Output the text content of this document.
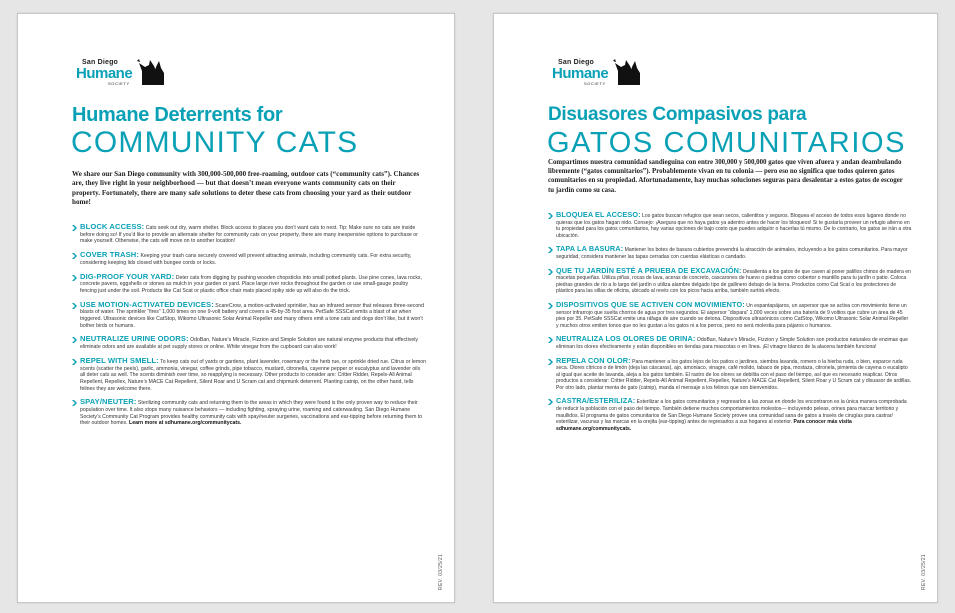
San Diego
Humane
SOCIETY
Humane Deterrents for
COMMUNITY CATS
We share our San Diego community with 300,000-500,000 free-roaming, outdoor cats (“community cats”). Chances are, they live right in your neighborhood — but that doesn’t mean everyone wants community cats on their property. Fortunately, there are many safe solutions to deter these cats from choosing your yard as their outdoor home!
BLOCK ACCESS: Cats seek out dry, warm shelter. Block access to places you don’t want cats to nest. Tip: Make sure no cats are inside before doing so! If you’d like to provide an alternate shelter for community cats on your property, there are many inexpensive options to purchase or make yourself. Otherwise, the cats will move on to another location!
COVER TRASH: Keeping your trash cans securely covered will prevent attracting animals, including community cats. For extra security, considering keeping lids closed with bungee cords or locks.
DIG-PROOF YOUR YARD: Deter cats from digging by pushing wooden chopsticks into small potted plants. Use pine cones, lava rocks, concrete pavers, eggshells or stones as mulch in your garden or yard. Place large river rocks throughout the garden or use small-gauge poultry fencing just under the soil. Products like Cat Scat or plastic office chair mats placed spiky side up will also do the trick.
USE MOTION-ACTIVATED DEVICES: ScareCrow, a motion-activated sprinkler, has an infrared sensor that releases three-second blasts of water. The sprinkler “fires” 1,000 times on one 9-volt battery and covers a 45-by-35 foot area. PetSafe SSSCat emits a blast of air when triggered. Ultrasonic devices like CatStop, Wikomo Ultrasonic Solar Animal Repeller and many others emit a tone cats and dogs don’t like, but it won’t bother birds or humans.
NEUTRALIZE URINE ODORS: OdoBan, Nature’s Miracle, Fizzion and Simple Solution are natural enzyme products that effectively eliminate odors and are available at pet supply stores or online. White vinegar from the cupboard can also work!
REPEL WITH SMELL: To keep cats out of yards or gardens, plant lavender, rosemary or the herb rue, or sprinkle dried rue. Citrus or lemon scents (scatter the peels), garlic, ammonia, vinegar, coffee grinds, pipe tobacco, mustard, citronella, cayenne pepper or eucalyptus and lavender oils all deter cats as well. The scents diminish over time, so reapplying is necessary. Other products to consider are: Critter Ridder, Repels-All Animal Repellent, Repellex, Nature’s MACE Cat Repellent, Silent Roar and U Scram cat and chipmunk deterrent. Planting catnip, on the other hand, tells felines they are welcome there.
SPAY/NEUTER: Sterilizing community cats and returning them to the areas in which they were found is the only proven way to reduce their population over time. It also stops many nuisance behaviors — including fighting, spraying urine, roaming and caterwauling. San Diego Humane Society’s Community Cat Program provides healthy community cats with spay/neuter surgeries, vaccinations and ear-tipping before returning them to their outdoor homes. Learn more at sdhumane.org/communitycats.
REV. 03/25/21
San Diego
Humane
SOCIETY
Disuasores Compasivos para
GATOS COMUNITARIOS
Compartimos nuestra comunidad sandieguina con entre 300,000 y 500,000 gatos que viven afuera y andan deambulando libremente (“gatos comunitarios”). Probablemente vivan en tu colonia — pero eso no significa que todos quieren gatos comunitarios en su propiedad. Afortunadamente, hay muchas soluciones seguras para desalentar a estos gatos de escoger tu jardín como su casa.
BLOQUEA EL ACCESO: Los gatos buscan refugios que sean secos, calientitos y seguros. Bloquea el acceso de todos esos lugares donde no quieras que los gatos hagan nido. Consejo: ¡Asegura que no haya gatos ya adentro antes de hacer los bloqueos! Si te gustaría proveer un refugio alterno en tu propiedad para los gatos comunitarios, hay varias opciones de bajo costo que puedes adquirir o hacerlas tú mismo. De lo contrario, los gatos se irán a otra ubicación.
TAPA LA BASURA: Mantener los botes de basura cubiertos prevendrá la atracción de animales, incluyendo a los gatos comunitarios. Para mayor seguridad, considera mantener las tapas cerradas con cuerdas elásticas o candado.
QUE TU JARDÍN ESTÉ A PRUEBA DE EXCAVACIÓN: Desalienta a los gatos de que caven al poner palillos chinos de madera en macetas pequeñas. Utiliza piñas, rocas de lava, aceras de concreto, cascarones de huevo o piedras como cobertor o mantillo para tu jardín o patio. Coloca piedras grandes de río a lo largo del jardín o utiliza alambre delgado tipo de gallinero debajo de la tierra. Productos como Cat Scat o los protectores de plástico para las sillas de oficina, ubicado al revés con los picos hacia arriba, también surtirá efecto.
DISPOSITIVOS QUE SE ACTIVEN CON MOVIMIENTO: Un espantapájaros, un aspersor que se activa con movimiento tiene un sensor infrarrojo que suelta chorros de agua por tres segundos. El aspersor “dispara” 1,000 veces sobre una batería de 9 voltios que cubre un área de 45 pies por 35. PetSafe SSSCat emite una ráfaga de aire cuando se detona. Dispositivos ultrasónicos como CatStop, Wikomo Ultrasonic Solar Animal Repeller y muchos otros emiten tonos que no les gustan a los gatos ni a los perros, pero no será molestia para pájaros o humanos.
NEUTRALIZA LOS OLORES DE ORINA: OdoBan, Nature’s Miracle, Fizzion y Simple Solution son productos naturales de enzimas que eliminan los olores efectivamente y están disponibles en tiendas para mascotas o en línea. ¡El vinagre blanco de la alacena también funciona!
REPELA CON OLOR: Para mantener a los gatos lejos de los patios o jardines, siembra lavanda, romero o la hierba ruda, o bien, esparce ruda seca. Olores cítricos o de limón (deja las cáscaras), ajo, amoniaco, vinagre, café molido, tabaco de pipa, mostaza, citronela, pimienta de cayena o eucalipto al igual que aceite de lavanda, aleja a los gatos también. El rastro de los olores se debilita con el paso del tiempo, así que es necesario reaplicar. Otros productos a considerar: Critter Ridder, Repels-All Animal Repellent, Repellex, Nature’s MACE Cat Repellent, Silent Roar y U Scram cat y disuasor de ardillas. Por otro lado, plantar menta de gato (catnip), manda el mensaje a los felinos que son bienvenidos.
CASTRA/ESTERILIZA: Esterilizar a los gatos comunitarios y regresarlos a las zonas en donde los encontraron es la única manera comprobada de reducir la población con el paso del tiempo. También detiene muchos comportamientos molestos— incluyendo peleas, orines para marcar territorio y maullidos. El programa de gatos comunitarios de San Diego Humane Society provee una comunidad sana de gatos a través de cirugías para castrar/ esterilizar, vacunas y las marcas en la orejita (ear-tipping) antes de regresarlos a sus hogares al exterior. Para conocer más visita sdhumane.org/communitycats.
REV. 03/25/21
